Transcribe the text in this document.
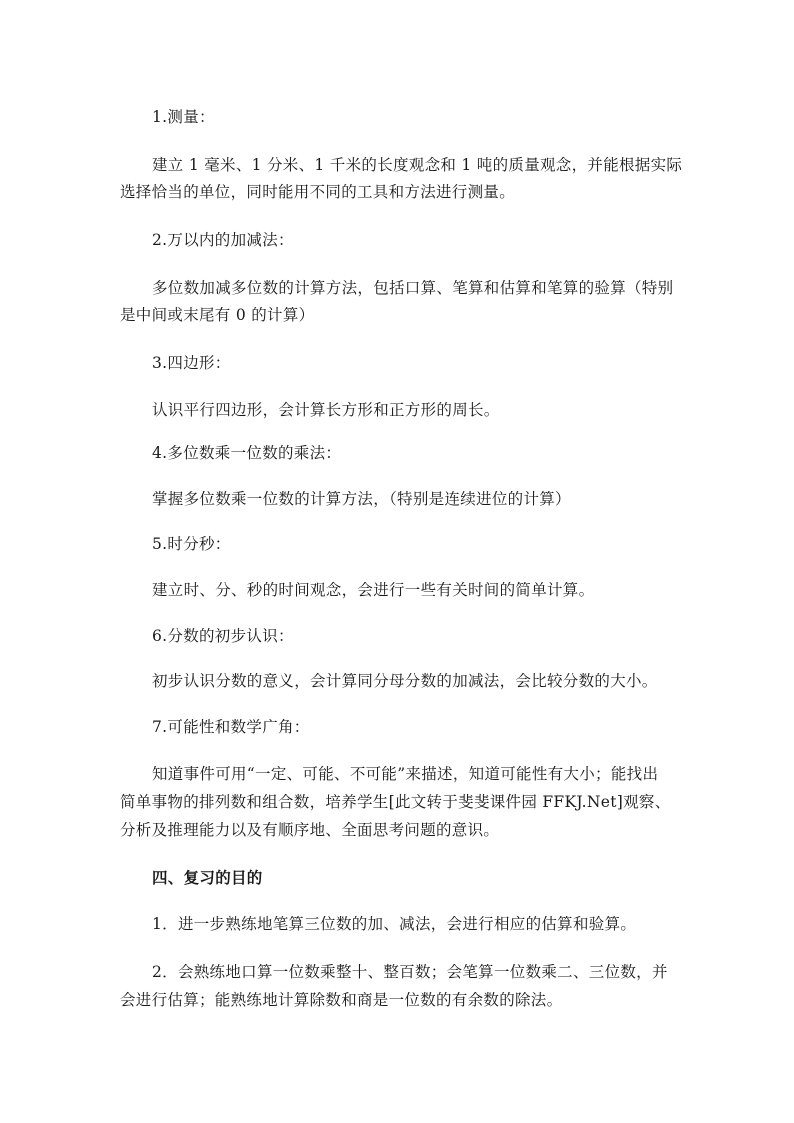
1.测量：
建立 1 毫米、1 分米、1 千米的长度观念和 1 吨的质量观念，并能根据实际
选择恰当的单位，同时能用不同的工具和方法进行测量。
2.万以内的加减法：
多位数加减多位数的计算方法，包括口算、笔算和估算和笔算的验算（特别
是中间或末尾有 0 的计算）
3.四边形：
认识平行四边形，会计算长方形和正方形的周长。
4.多位数乘一位数的乘法：
掌握多位数乘一位数的计算方法，（特别是连续进位的计算）
5.时分秒：
建立时、分、秒的时间观念，会进行一些有关时间的简单计算。
6.分数的初步认识：
初步认识分数的意义，会计算同分母分数的加减法，会比较分数的大小。
7.可能性和数学广角：
知道事件可用“一定、可能、不可能”来描述，知道可能性有大小；能找出
简单事物的排列数和组合数，培养学生[此文转于斐斐课件园 FFKJ.Net]观察、
分析及推理能力以及有顺序地、全面思考问题的意识。
四、复习的目的
1．进一步熟练地笔算三位数的加、减法，会进行相应的估算和验算。
2．会熟练地口算一位数乘整十、整百数；会笔算一位数乘二、三位数，并
会进行估算；能熟练地计算除数和商是一位数的有余数的除法。
